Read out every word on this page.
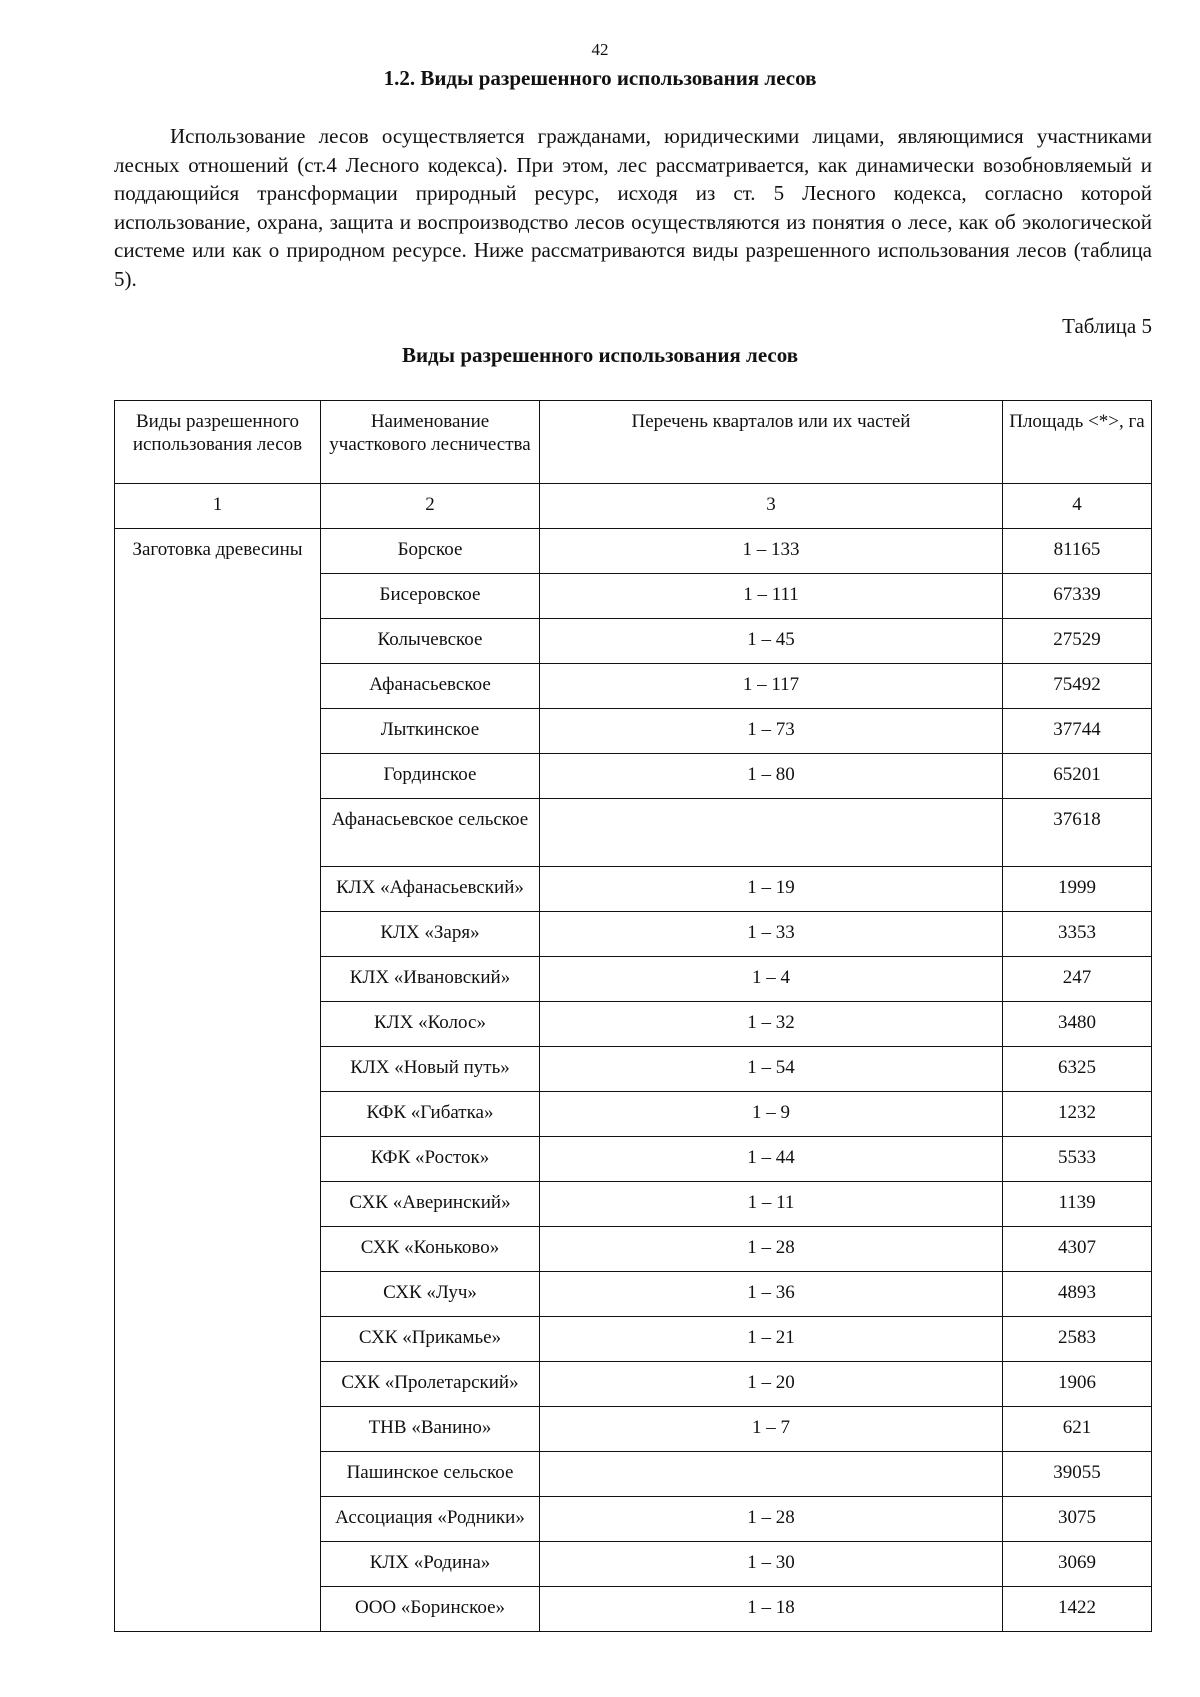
42
1.2. Виды разрешенного использования лесов

Использование лесов осуществляется гражданами, юридическими лицами, являющимися участниками лесных отношений (ст.4 Лесного кодекса). При этом, лес рассматривается, как динамически возобновляемый и поддающийся трансформации природный ресурс, исходя из ст. 5 Лесного кодекса, согласно которой использование, охрана, защита и воспроизводство лесов осуществляются из понятия о лесе, как об экологической системе или как о природном ресурсе. Ниже рассматриваются виды разрешенного использования лесов (таблица 5).

Таблица 5
Виды разрешенного использования лесов
Виды разрешенного использования лесов	Наименование участкового лесничества	Перечень кварталов или их частей	Площадь <*>, га
1	2	3	4
Заготовка древесины	Борское	1 – 133	81165
	Бисеровское	1 – 111	67339
	Колычевское	1 – 45	27529
	Афанасьевское	1 – 117	75492
	Лыткинское	1 – 73	37744
	Гординское	1 – 80	65201
	Афанасьевское сельское		37618
	КЛХ «Афанасьевский»	1 – 19	1999
	КЛХ «Заря»	1 – 33	3353
	КЛХ «Ивановский»	1 – 4	247
	КЛХ «Колос»	1 – 32	3480
	КЛХ «Новый путь»	1 – 54	6325
	КФК «Гибатка»	1 – 9	1232
	КФК «Росток»	1 – 44	5533
	СХК «Аверинский»	1 – 11	1139
	СХК «Коньково»	1 – 28	4307
	СХК «Луч»	1 – 36	4893
	СХК «Прикамье»	1 – 21	2583
	СХК «Пролетарский»	1 – 20	1906
	ТНВ «Ванино»	1 – 7	621
	Пашинское сельское		39055
	Ассоциация «Родники»	1 – 28	3075
	КЛХ «Родина»	1 – 30	3069
	ООО «Боринское»	1 – 18	1422
